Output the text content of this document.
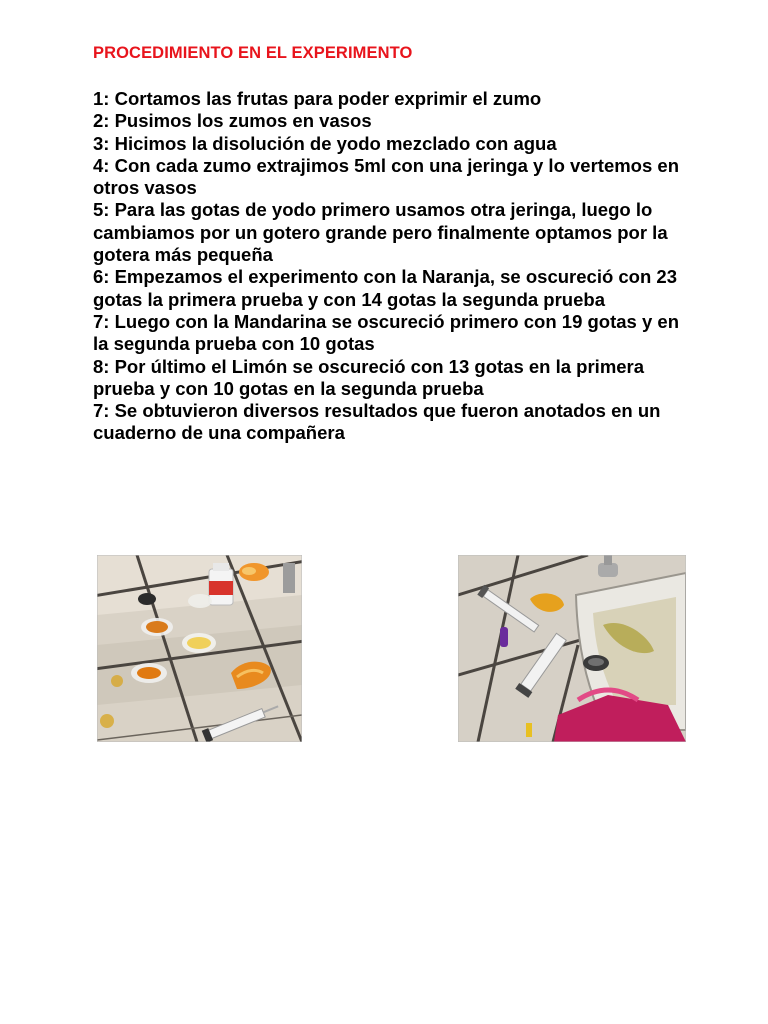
PROCEDIMIENTO EN EL EXPERIMENTO

1: Cortamos las frutas para poder exprimir el zumo

2: Pusimos los zumos en vasos

3: Hicimos la disolución de yodo mezclado con agua

4: Con cada zumo extrajimos 5ml con una jeringa y lo vertemos en otros vasos

5: Para las gotas de yodo primero usamos otra jeringa, luego lo cambiamos por un gotero grande pero finalmente optamos por la gotera más pequeña

6: Empezamos el experimento con la Naranja, se oscureció con 23 gotas la primera prueba y con 14 gotas la segunda prueba

7: Luego con la Mandarina se oscureció primero con 19 gotas y en la segunda prueba con 10 gotas

8: Por último el Limón se oscureció con 13 gotas en la primera prueba y con 10 gotas en la segunda prueba

7: Se obtuvieron diversos resultados que fueron anotados en un cuaderno de una compañera
